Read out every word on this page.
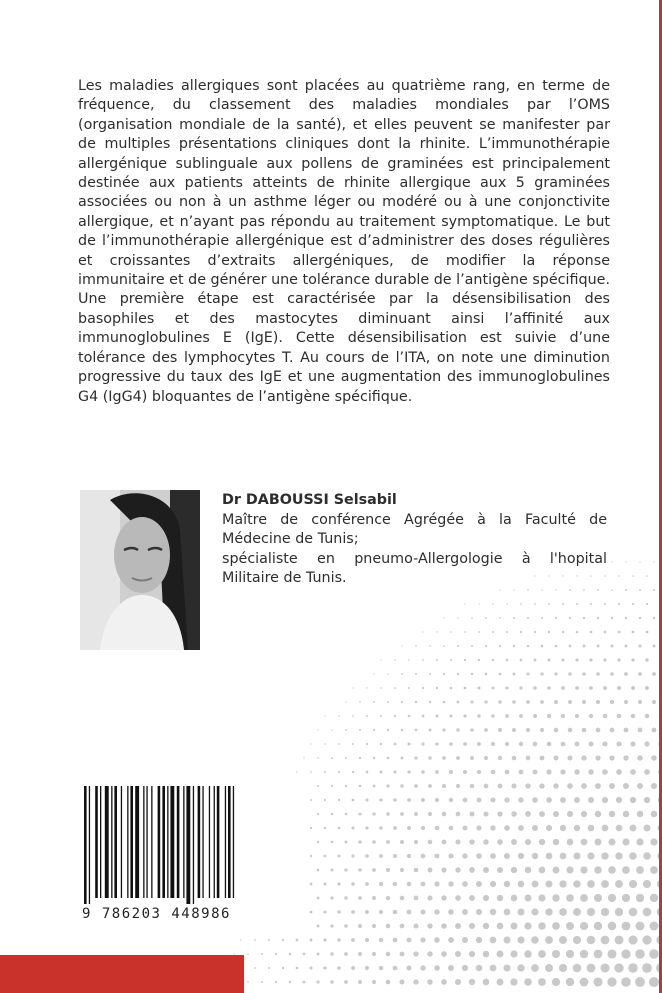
Les maladies allergiques sont placées au quatrième rang, en terme de fréquence, du classement des maladies mondiales par l’OMS (organisation mondiale de la santé), et elles peuvent se manifester par de multiples présentations cliniques dont la rhinite. L’immunothérapie allergénique sublinguale aux pollens de graminées est principalement destinée aux patients atteints de rhinite allergique aux 5 graminées associées ou non à un asthme léger ou modéré ou à une conjonctivite allergique, et n’ayant pas répondu au traitement symptomatique. Le but de l’immunothérapie allergénique est d’administrer des doses régulières et croissantes d’extraits allergéniques, de modifier la réponse immunitaire et de générer une tolérance durable de l’antigène spécifique. Une première étape est caractérisée par la désensibilisation des basophiles et des mastocytes diminuant ainsi l’affinité aux immunoglobulines E (IgE). Cette désensibilisation est suivie d’une tolérance des lymphocytes T. Au cours de l’ITA, on note une diminution progressive du taux des IgE et une augmentation des immunoglobulines G4 (IgG4) bloquantes de l’antigène spécifique.

Dr DABOUSSI Selsabil

Maître de conférence Agrégée à la Faculté de Médecine de Tunis;

spécialiste en pneumo-Allergologie à l'hopital Militaire de Tunis.

9 786203 448986
